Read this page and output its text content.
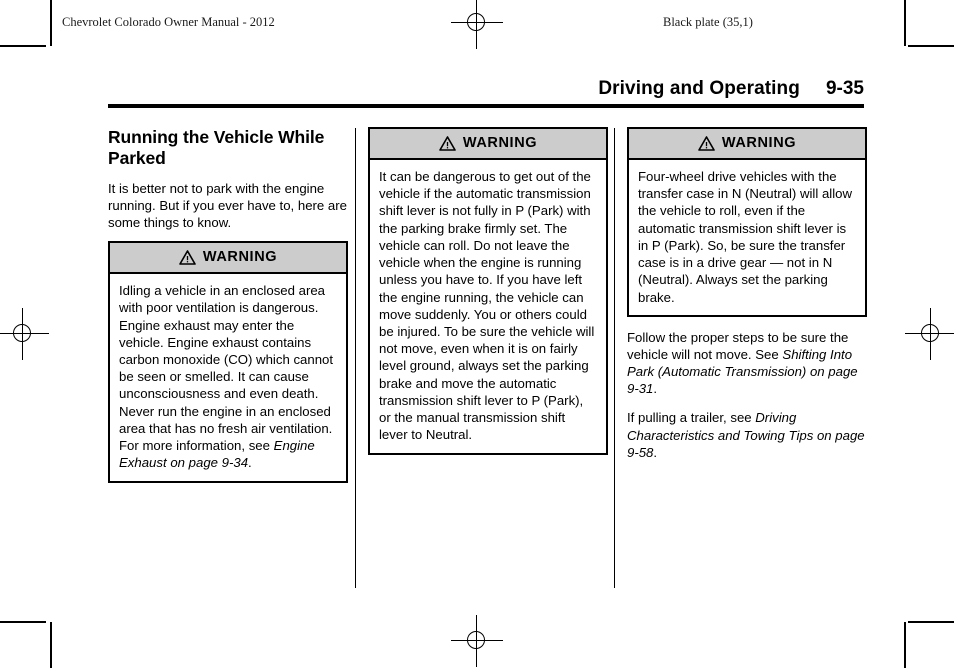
Chevrolet Colorado Owner Manual - 2012	Black plate (35,1)
Driving and Operating 9-35
Running the Vehicle While Parked

It is better not to park with the engine running. But if you ever have to, here are some things to know.

WARNING
Idling a vehicle in an enclosed area with poor ventilation is dangerous. Engine exhaust may enter the vehicle. Engine exhaust contains carbon monoxide (CO) which cannot be seen or smelled. It can cause unconsciousness and even death. Never run the engine in an enclosed area that has no fresh air ventilation. For more information, see Engine Exhaust on page 9-34.
WARNING
It can be dangerous to get out of the vehicle if the automatic transmission shift lever is not fully in P (Park) with the parking brake firmly set. The vehicle can roll. Do not leave the vehicle when the engine is running unless you have to. If you have left the engine running, the vehicle can move suddenly. You or others could be injured. To be sure the vehicle will not move, even when it is on fairly level ground, always set the parking brake and move the automatic transmission shift lever to P (Park), or the manual transmission shift lever to Neutral.
WARNING
Four-wheel drive vehicles with the transfer case in N (Neutral) will allow the vehicle to roll, even if the automatic transmission shift lever is in P (Park). So, be sure the transfer case is in a drive gear — not in N (Neutral). Always set the parking brake.

Follow the proper steps to be sure the vehicle will not move. See Shifting Into Park (Automatic Transmission) on page 9-31.

If pulling a trailer, see Driving Characteristics and Towing Tips on page 9-58.
